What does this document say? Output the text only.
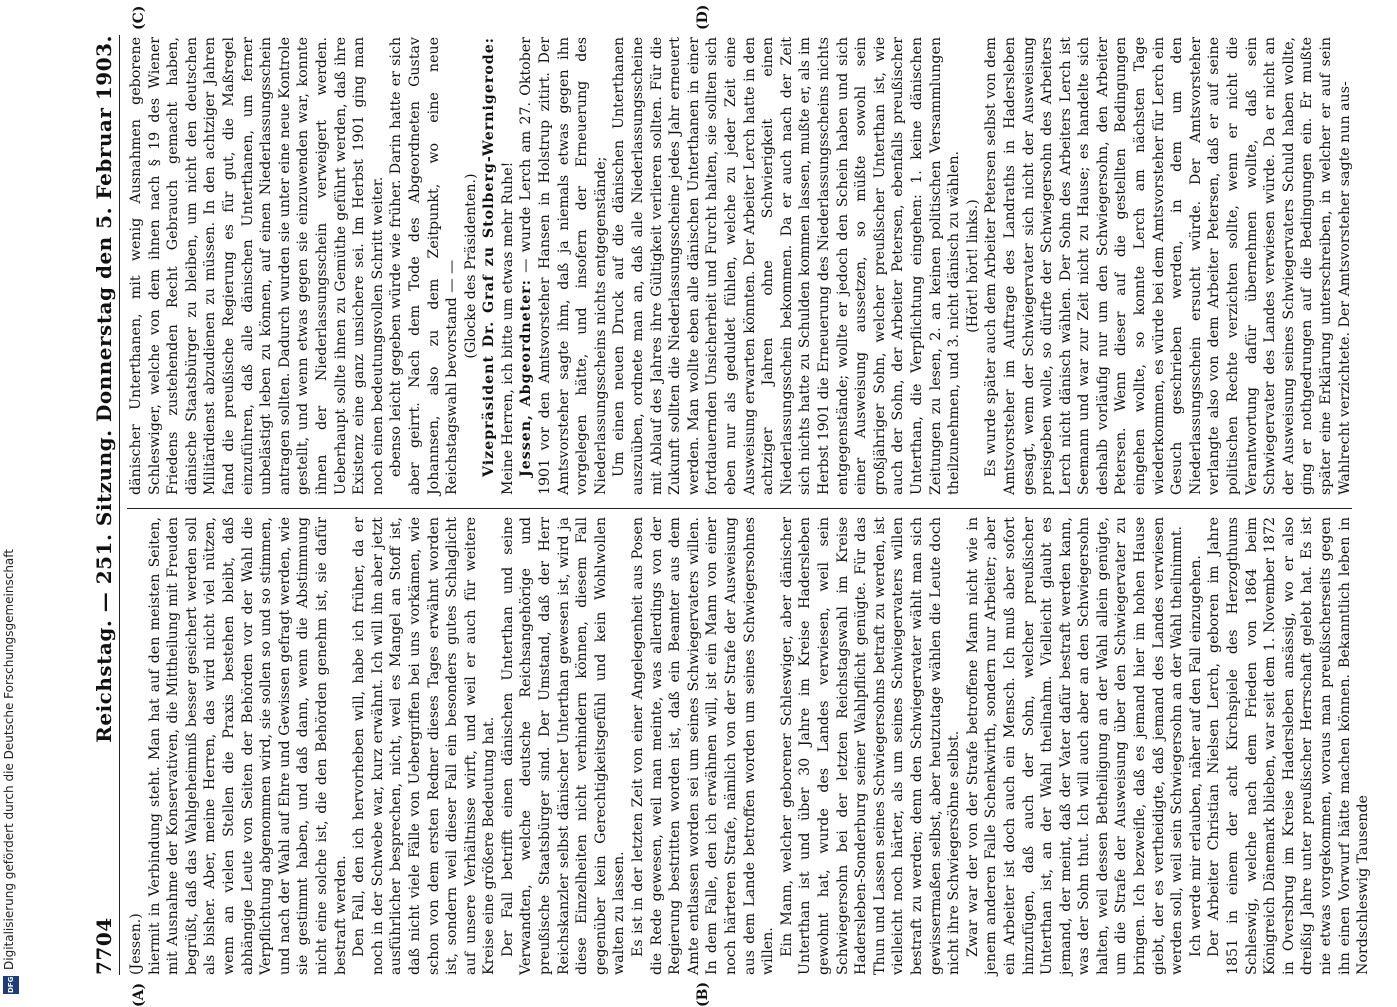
Digitalisierung gefördert durch die Deutsche Forschungsgemeinschaft
DFG
7704
Reichstag. — 251. Sitzung. Donnerstag den 5. Februar 1903.
(A)	(B)
(C)	(D)

(Jessen.) hiermit in Verbindung steht. Man hat auf den meisten Seiten, mit Ausnahme der Konservativen, die Mittheilung mit Freuden begrüßt, daß das Wahlgeheimniß besser gesichert werden soll als bisher. Aber, meine Herren, das wird nicht viel nützen, wenn an vielen Stellen die Praxis bestehen bleibt, daß abhängige Leute von Seiten der Behörden vor der Wahl die Verpflichtung abgenommen wird, sie sollen so und so stimmen, und nach der Wahl auf Ehre und Gewissen gefragt werden, wie sie gestimmt haben, und daß dann, wenn die Abstimmung nicht eine solche ist, die den Behörden genehm ist, sie dafür bestraft werden. Den Fall, den ich hervorheben will, habe ich früher, da er noch in der Schwebe war, kurz erwähnt. Ich will ihn aber jetzt ausführlicher besprechen, nicht, weil es Mangel an Stoff ist, daß nicht viele Fälle von Uebergriffen bei uns vorkämen, wie schon von dem ersten Redner dieses Tages erwähnt worden ist, sondern weil dieser Fall ein besonders gutes Schlaglicht auf unsere Verhältnisse wirft, und weil er auch für weitere Kreise eine größere Bedeutung hat. Der Fall betrifft einen dänischen Unterthan und seine Verwandten, welche deutsche Reichsangehörige und preußische Staatsbürger sind. Der Umstand, daß der Herr Reichskanzler selbst dänischer Unterthan gewesen ist, wird ja diese Einzelheiten nicht verhindern können, diesem Fall gegenüber kein Gerechtigkeitsgefühl und kein Wohlwollen walten zu lassen. Es ist in der letzten Zeit von einer Angelegenheit aus Posen die Rede gewesen, weil man meinte, was allerdings von der Regierung bestritten worden ist, daß ein Beamter aus dem Amte entlassen worden sei um seines Schwiegervaters willen. In dem Falle, den ich erwähnen will, ist ein Mann von einer noch härteren Strafe, nämlich von der Strafe der Ausweisung aus dem Lande betroffen worden um seines Schwiegersohnes willen. Ein Mann, welcher geborener Schleswiger, aber dänischer Unterthan ist und über 30 Jahre im Kreise Hadersleben gewohnt hat, wurde des Landes verwiesen, weil sein Schwiegersohn bei der letzten Reichstagswahl im Kreise Hadersleben-Sonderburg seiner Wahlpflicht genügte. Für das Thun und Lassen seines Schwiegersohns betraft zu werden, ist vielleicht noch härter, als um seines Schwiegervaters willen bestraft zu werden; denn den Schwiegervater wählt man sich gewissermaßen selbst, aber heutzutage wählen die Leute doch nicht ihre Schwiegersöhne selbst. Zwar war der von der Strafe betroffene Mann nicht wie in jenem anderen Falle Schenkwirth, sondern nur Arbeiter; aber ein Arbeiter ist doch auch ein Mensch. Ich muß aber sofort hinzufügen, daß auch der Sohn, welcher preußischer Unterthan ist, an der Wahl theilnahm. Vielleicht glaubt es jemand, der meint, daß der Vater dafür bestraft werden kann, was der Sohn thut. Ich will auch aber an den Schwiegersohn halten, weil dessen Betheiligung an der Wahl allein genügte, um die Strafe der Ausweisung über den Schwiegervater zu bringen. Ich bezweifle, daß es jemand hier im hohen Hause giebt, der es vertheidigte, daß jemand des Landes verwiesen werden soll, weil sein Schwiegersohn an der Wahl theilnimmt. Ich werde mir erlauben, näher auf den Fall einzugehen. Der Arbeiter Christian Nielsen Lerch, geboren im Jahre 1851 in einem der acht Kirchspiele des Herzogthums Schleswig, welche nach dem Frieden von 1864 beim Königreich Dänemark blieben, war seit dem 1. November 1872 in Oversbrug im Kreise Hadersleben ansässig, wo er also dreißig Jahre unter preußischer Herrschaft gelebt hat. Es ist nie etwas vorgekommen, woraus man preußischerseits gegen ihn einen Vorwurf hätte machen können. Bekanntlich leben in Nordschleswig Tausende

dänischer Unterthanen, mit wenig Ausnahmen geborene Schleswiger, welche von dem ihnen nach § 19 des Wiener Friedens zustehenden Recht Gebrauch gemacht haben, dänische Staatsbürger zu bleiben, um nicht den deutschen Militärdienst abzudienen zu müssen. In den achtziger Jahren fand die preußische Regierung es für gut, die Maßregel einzuführen, daß alle dänischen Unterthanen, um ferner unbelästigt leben zu können, auf einen Niederlassungsschein antragen sollten. Dadurch wurden sie unter eine neue Kontrole gestellt, und wenn etwas gegen sie einzuwenden war, konnte ihnen der Niederlassungsschein verweigert werden. Ueberhaupt sollte ihnen zu Gemüthe geführt werden, daß ihre Existenz eine ganz unsichere sei. Im Herbst 1901 ging man noch einen bedeutungsvollen Schritt weiter. ebenso leicht gegeben würde wie früher. Darin hatte er sich aber geirrt. Nach dem Tode des Abgeordneten Gustav Johannsen, also zu dem Zeitpunkt, wo eine neue Reichstagswahl bevorstand — — (Glocke des Präsidenten.) Vizepräsident Dr. Graf zu Stolberg-Wernigerode: Meine Herren, ich bitte um etwas mehr Ruhe! Jessen, Abgeordneter: — wurde Lerch am 27. Oktober 1901 vor den Amtsvorsteher Hansen in Holstrup zitirt. Der Amtsvorsteher sagte ihm, daß ja niemals etwas gegen ihn vorgelegen hätte, und insofern der Erneuerung des Niederlassungsscheins nichts entgegenstände; Um einen neuen Druck auf die dänischen Unterthanen auszuüben, ordnete man an, daß alle Niederlassungsscheine mit Ablauf des Jahres ihre Gültigkeit verlieren sollten. Für die Zukunft sollten die Niederlassungsscheine jedes Jahr erneuert werden. Man wollte eben alle dänischen Unterthanen in einer fortdauernden Unsicherheit und Furcht halten, sie sollten sich eben nur als geduldet fühlen, welche zu jeder Zeit eine Ausweisung erwarten könnten. Der Arbeiter Lerch hatte in den achtziger Jahren ohne Schwierigkeit einen Niederlassungsschein bekommen. Da er auch nach der Zeit sich nichts hatte zu Schulden kommen lassen, mußte er, als im Herbst 1901 die Erneuerung des Niederlassungsscheins nichts entgegenstände; wollte er jedoch den Schein haben und sich einer Ausweisung aussetzen, so müßte sowohl sein großjähriger Sohn, welcher preußischer Unterthan ist, wie auch der Sohn, der Arbeiter Petersen, ebenfalls preußischer Unterthan, die Verpflichtung eingehen: 1. keine dänischen Zeitungen zu lesen, 2. an keinen politischen Versammlungen theilzunehmen, und 3. nicht dänisch zu wählen. (Hört! hört! links.) Es wurde später auch dem Arbeiter Petersen selbst von dem Amtsvorsteher im Auftrage des Landraths in Hadersleben gesagt, wenn der Schwiegervater sich nicht der Ausweisung preisgeben wolle, so dürfte der Schwiegersohn des Arbeiters Lerch nicht dänisch wählen. Der Sohn des Arbeiters Lerch ist Seemann und war zur Zeit nicht zu Hause; es handelte sich deshalb vorläufig nur um den Schwiegersohn, den Arbeiter Petersen. Wenn dieser auf die gestellten Bedingungen eingehen wollte, so konnte Lerch am nächsten Tage wiederkommen, es würde bei dem Amtsvorsteher für Lerch ein Gesuch geschrieben werden, in dem um den Niederlassungsschein ersucht würde. Der Amtsvorsteher verlangte also von dem Arbeiter Petersen, daß er auf seine politischen Rechte verzichten sollte, wenn er nicht die Verantwortung dafür übernehmen wollte, daß sein Schwiegervater des Landes verwiesen würde. Da er nicht an der Ausweisung seines Schwiegervaters Schuld haben wollte, ging er nothgedrungen auf die Bedingungen ein. Er mußte später eine Erklärung unterschreiben, in welcher er auf sein Wahlrecht verzichtete. Der Amtsvorsteher sagte nun aus-
